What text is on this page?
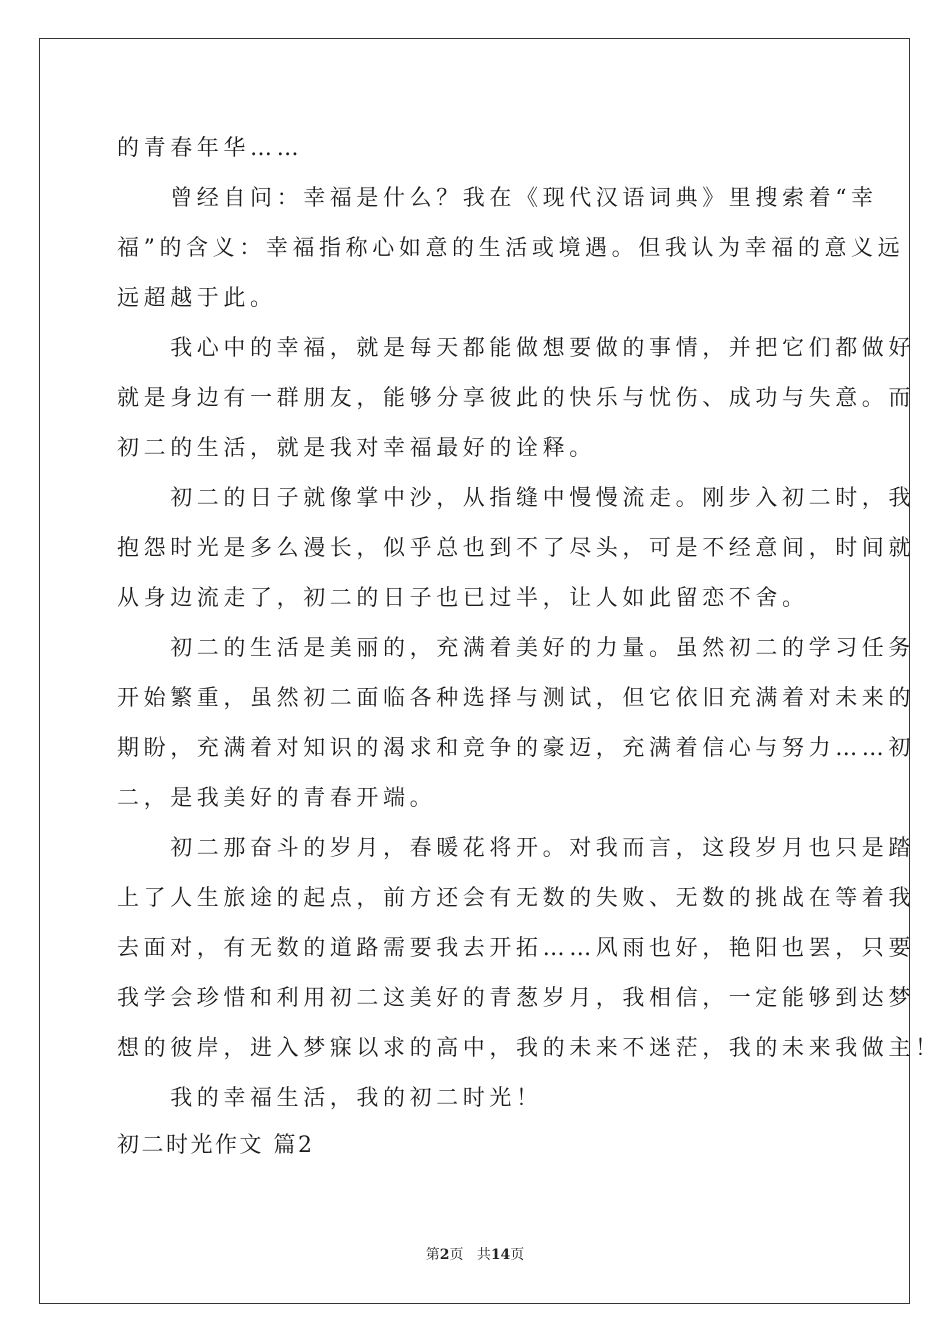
的青春年华……
　　曾经自问：幸福是什么？我在《现代汉语词典》里搜索着“幸
福”的含义：幸福指称心如意的生活或境遇。但我认为幸福的意义远
远超越于此。
　　我心中的幸福，就是每天都能做想要做的事情，并把它们都做好
就是身边有一群朋友，能够分享彼此的快乐与忧伤、成功与失意。而
初二的生活，就是我对幸福最好的诠释。
　　初二的日子就像掌中沙，从指缝中慢慢流走。刚步入初二时，我
抱怨时光是多么漫长，似乎总也到不了尽头，可是不经意间，时间就
从身边流走了，初二的日子也已过半，让人如此留恋不舍。
　　初二的生活是美丽的，充满着美好的力量。虽然初二的学习任务
开始繁重，虽然初二面临各种选择与测试，但它依旧充满着对未来的
期盼，充满着对知识的渴求和竞争的豪迈，充满着信心与努力……初
二，是我美好的青春开端。
　　初二那奋斗的岁月，春暖花将开。对我而言，这段岁月也只是踏
上了人生旅途的起点，前方还会有无数的失败、无数的挑战在等着我
去面对，有无数的道路需要我去开拓……风雨也好，艳阳也罢，只要
我学会珍惜和利用初二这美好的青葱岁月，我相信，一定能够到达梦
想的彼岸，进入梦寐以求的高中，我的未来不迷茫，我的未来我做主！
　　我的幸福生活，我的初二时光！
初二时光作文 篇2
第2页 共14页
